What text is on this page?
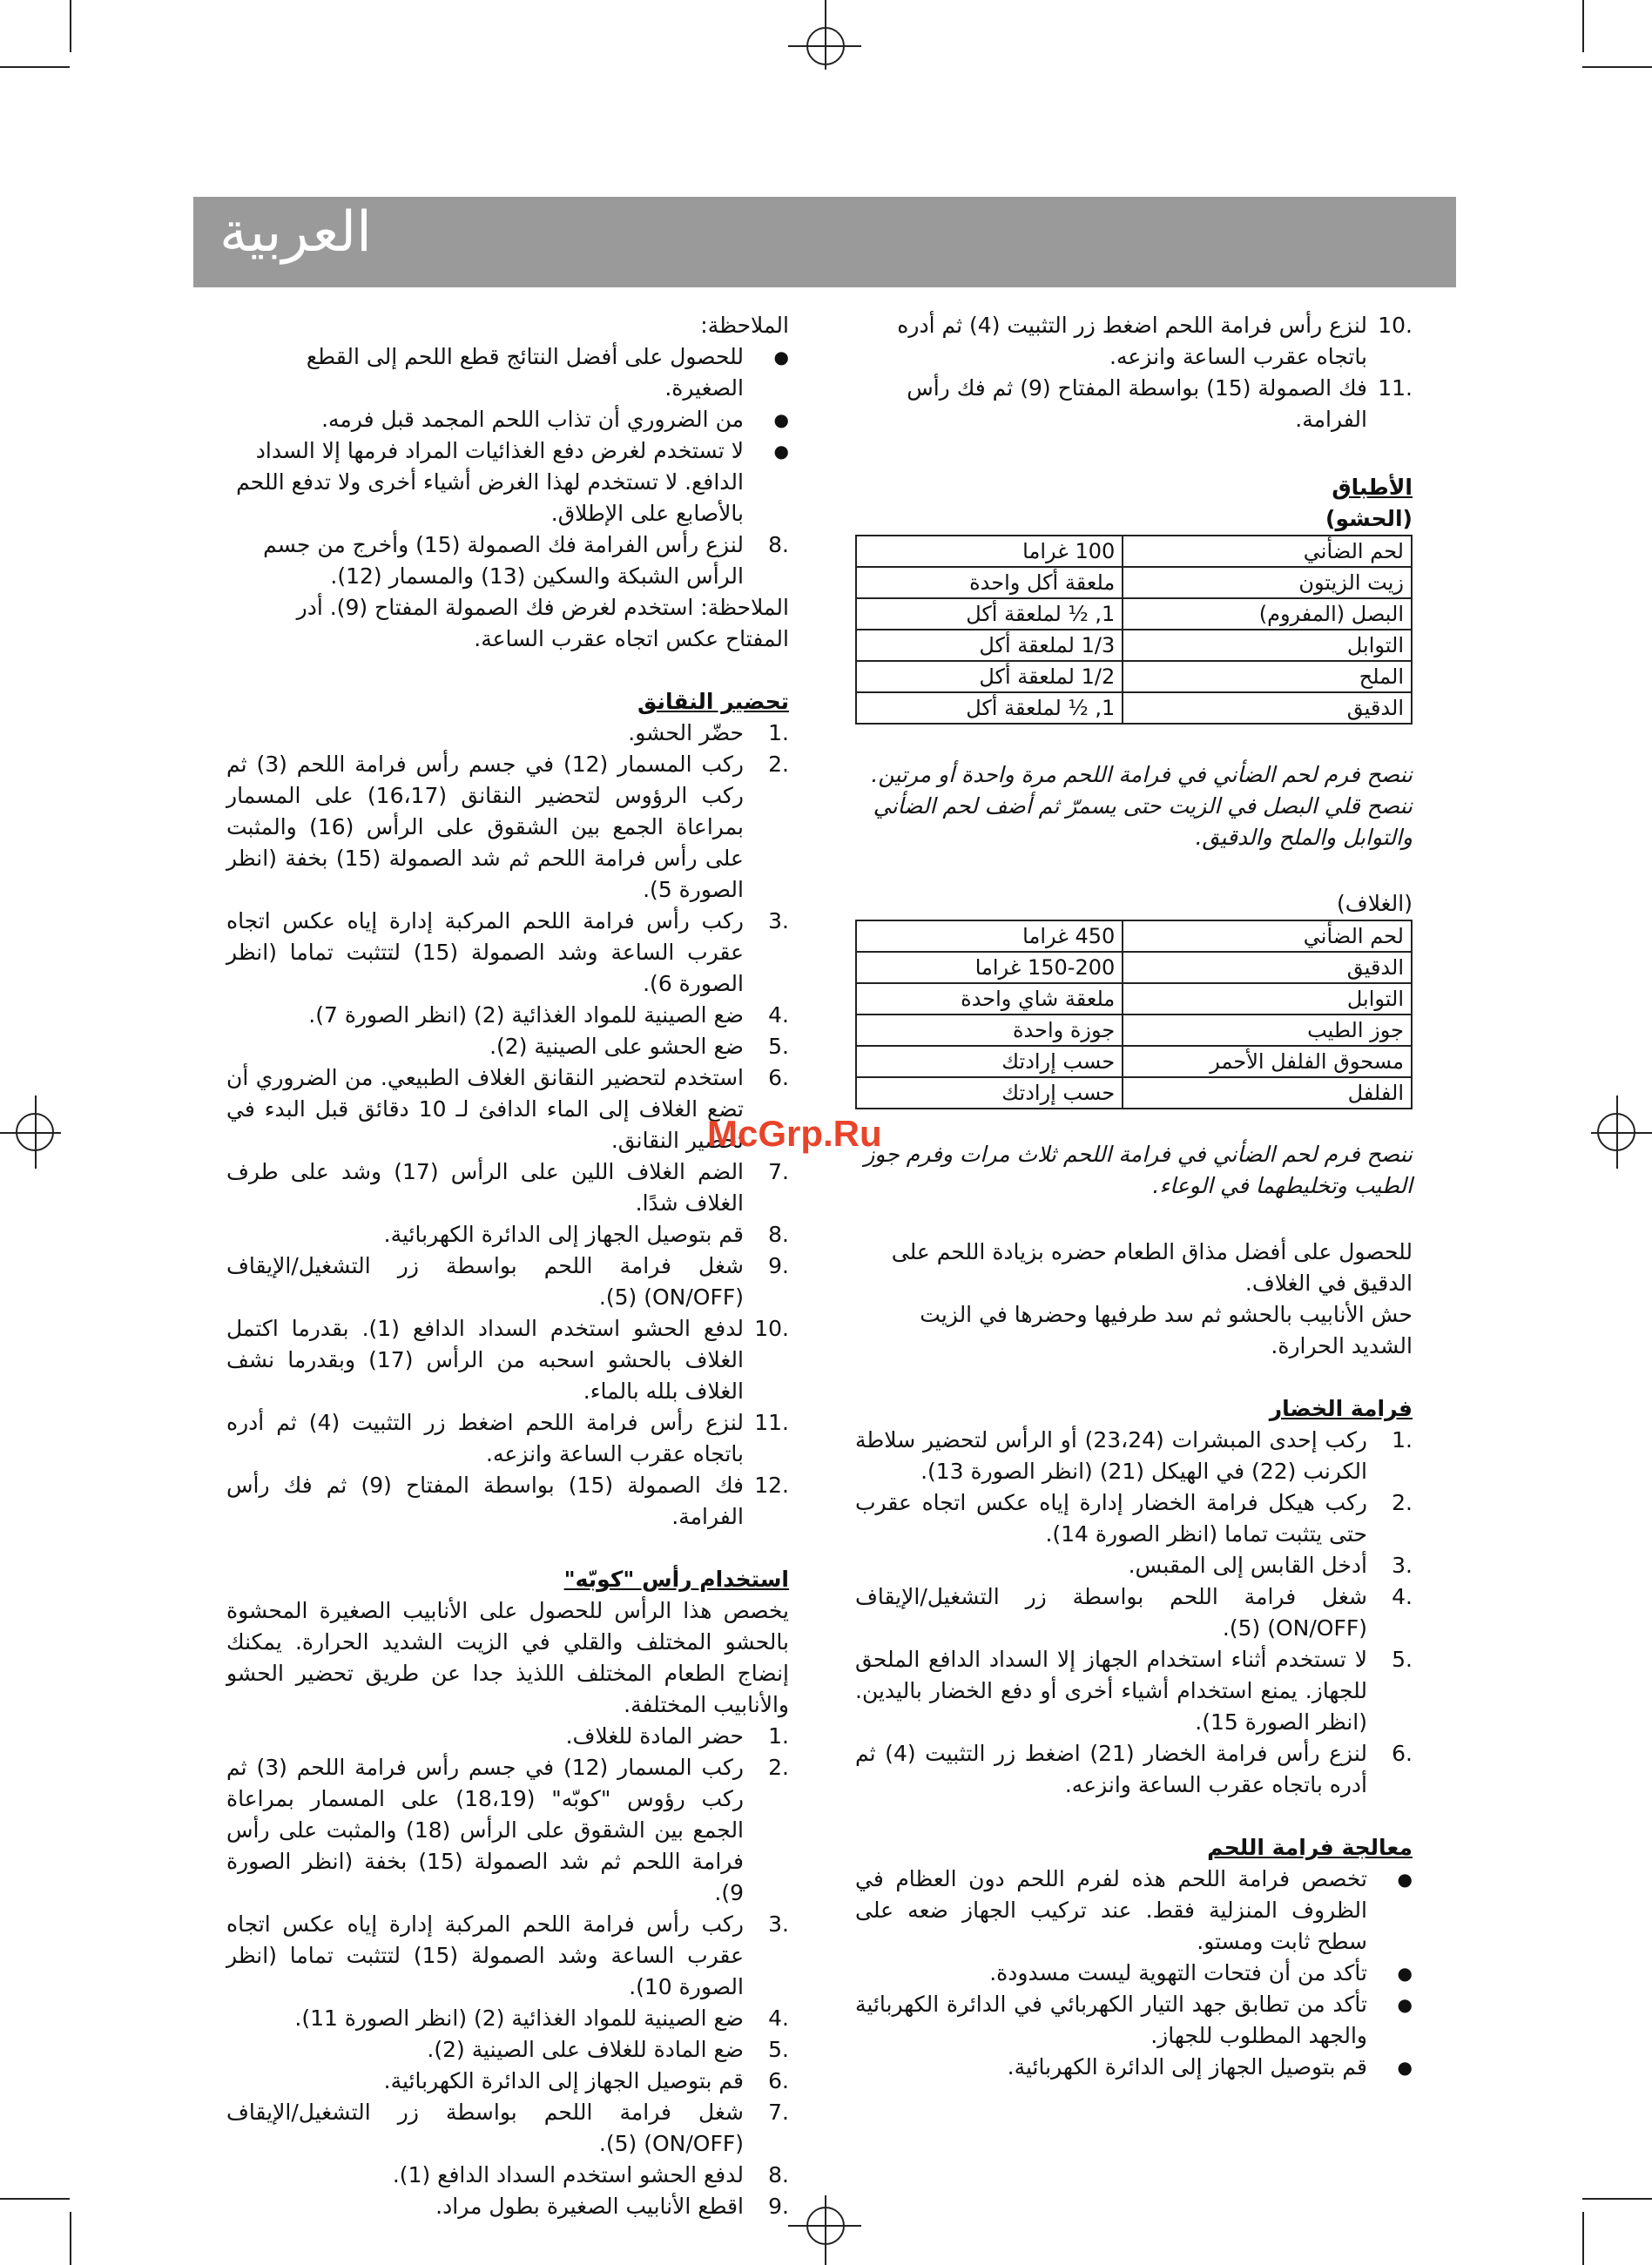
العربية
.10
لنزع رأس فرامة اللحم اضغط زر التثبيت (4) ثم أدره باتجاه عقرب الساعة وانزعه.
.11
فك الصمولة (15) بواسطة المفتاح (9) ثم فك رأس الفرامة.

الأطباق

(الحشو)

لحم الضأني	100 غراما
زيت الزيتون	ملعقة أكل واحدة
البصل (المفروم)	1, ½ لملعقة أكل
التوابل	1/3 لملعقة أكل
الملح	1/2 لملعقة أكل
الدقيق	1, ½ لملعقة أكل

ننصح فرم لحم الضأني في فرامة اللحم مرة واحدة أو مرتين.

ننصح قلي البصل في الزيت حتى يسمرّ ثم أضف لحم الضأني والتوابل والملح والدقيق.

(الغلاف)

لحم الضأني	450 غراما
الدقيق	150-200 غراما
التوابل	ملعقة شاي واحدة
جوز الطيب	جوزة واحدة
مسحوق الفلفل الأحمر	حسب إرادتك
الفلفل	حسب إرادتك

ننصح فرم لحم الضأني في فرامة اللحم ثلاث مرات وفرم جوز الطيب وتخليطهما في الوعاء.

للحصول على أفضل مذاق الطعام حضره بزيادة اللحم على الدقيق في الغلاف.

حش الأنابيب بالحشو ثم سد طرفيها وحضرها في الزيت الشديد الحرارة.

فرامة الخضار

.1
ركب إحدى المبشرات (23،24) أو الرأس لتحضير سلاطة الكرنب (22) في الهيكل (21) (انظر الصورة 13).
.2
ركب هيكل فرامة الخضار إدارة إياه عكس اتجاه عقرب حتى يتثبت تماما (انظر الصورة 14).
.3
أدخل القابس إلى المقبس.
.4
شغل فرامة اللحم بواسطة زر التشغيل/الإيقاف (ON/OFF) (5).
.5
لا تستخدم أثناء استخدام الجهاز إلا السداد الدافع الملحق للجهاز. يمنع استخدام أشياء أخرى أو دفع الخضار باليدين. (انظر الصورة 15).
.6
لنزع رأس فرامة الخضار (21) اضغط زر التثبيت (4) ثم أدره باتجاه عقرب الساعة وانزعه.

معالجة فرامة اللحم

● تخصص فرامة اللحم هذه لفرم اللحم دون العظام في الظروف المنزلية فقط. عند تركيب الجهاز ضعه على سطح ثابت ومستو.
● تأكد من أن فتحات التهوية ليست مسدودة.
● تأكد من تطابق جهد التيار الكهربائي في الدائرة الكهربائية والجهد المطلوب للجهاز.
● قم بتوصيل الجهاز إلى الدائرة الكهربائية.

الملاحظة:

● للحصول على أفضل النتائج قطع اللحم إلى القطع الصغيرة.
● من الضروري أن تذاب اللحم المجمد قبل فرمه.
● لا تستخدم لغرض دفع الغذائيات المراد فرمها إلا السداد الدافع. لا تستخدم لهذا الغرض أشياء أخرى ولا تدفع اللحم بالأصابع على الإطلاق.
.8
لنزع رأس الفرامة فك الصمولة (15) وأخرج من جسم الرأس الشبكة والسكين (13) والمسمار (12).

الملاحظة: استخدم لغرض فك الصمولة المفتاح (9). أدر المفتاح عكس اتجاه عقرب الساعة.

تحضير النقانق

.1
حضّر الحشو.
.2
ركب المسمار (12) في جسم رأس فرامة اللحم (3) ثم ركب الرؤوس لتحضير النقانق (16،17) على المسمار بمراعاة الجمع بين الشقوق على الرأس (16) والمثبت على رأس فرامة اللحم ثم شد الصمولة (15) بخفة (انظر الصورة 5).
.3
ركب رأس فرامة اللحم المركبة إدارة إياه عكس اتجاه عقرب الساعة وشد الصمولة (15) لتتثبت تماما (انظر الصورة 6).
.4
ضع الصينية للمواد الغذائية (2) (انظر الصورة 7).
.5
ضع الحشو على الصينية (2).
.6
استخدم لتحضير النقانق الغلاف الطبيعي. من الضروري أن تضع الغلاف إلى الماء الدافئ لـ 10 دقائق قبل البدء في تحضير النقانق.
.7
الضم الغلاف اللين على الرأس (17) وشد على طرف الغلاف شدًا.
.8
قم بتوصيل الجهاز إلى الدائرة الكهربائية.
.9
شغل فرامة اللحم بواسطة زر التشغيل/الإيقاف (ON/OFF) (5).
.10
لدفع الحشو استخدم السداد الدافع (1). بقدرما اكتمل الغلاف بالحشو اسحبه من الرأس (17) وبقدرما نشف الغلاف بلله بالماء.
.11
لنزع رأس فرامة اللحم اضغط زر التثبيت (4) ثم أدره باتجاه عقرب الساعة وانزعه.
.12
فك الصمولة (15) بواسطة المفتاح (9) ثم فك رأس الفرامة.

استخدام رأس "كوبّه"

يخصص هذا الرأس للحصول على الأنابيب الصغيرة المحشوة بالحشو المختلف والقلي في الزيت الشديد الحرارة. يمكنك إنضاج الطعام المختلف اللذيذ جدا عن طريق تحضير الحشو والأنابيب المختلفة.

.1
حضر المادة للغلاف.
.2
ركب المسمار (12) في جسم رأس فرامة اللحم (3) ثم ركب رؤوس "كوبّه" (18،19) على المسمار بمراعاة الجمع بين الشقوق على الرأس (18) والمثبت على رأس فرامة اللحم ثم شد الصمولة (15) بخفة (انظر الصورة 9).
.3
ركب رأس فرامة اللحم المركبة إدارة إياه عكس اتجاه عقرب الساعة وشد الصمولة (15) لتتثبت تماما (انظر الصورة 10).
.4
ضع الصينية للمواد الغذائية (2) (انظر الصورة 11).
.5
ضع المادة للغلاف على الصينية (2).
.6
قم بتوصيل الجهاز إلى الدائرة الكهربائية.
.7
شغل فرامة اللحم بواسطة زر التشغيل/الإيقاف (ON/OFF) (5).
.8
لدفع الحشو استخدم السداد الدافع (1).
.9
اقطع الأنابيب الصغيرة بطول مراد.
McGrp.Ru
